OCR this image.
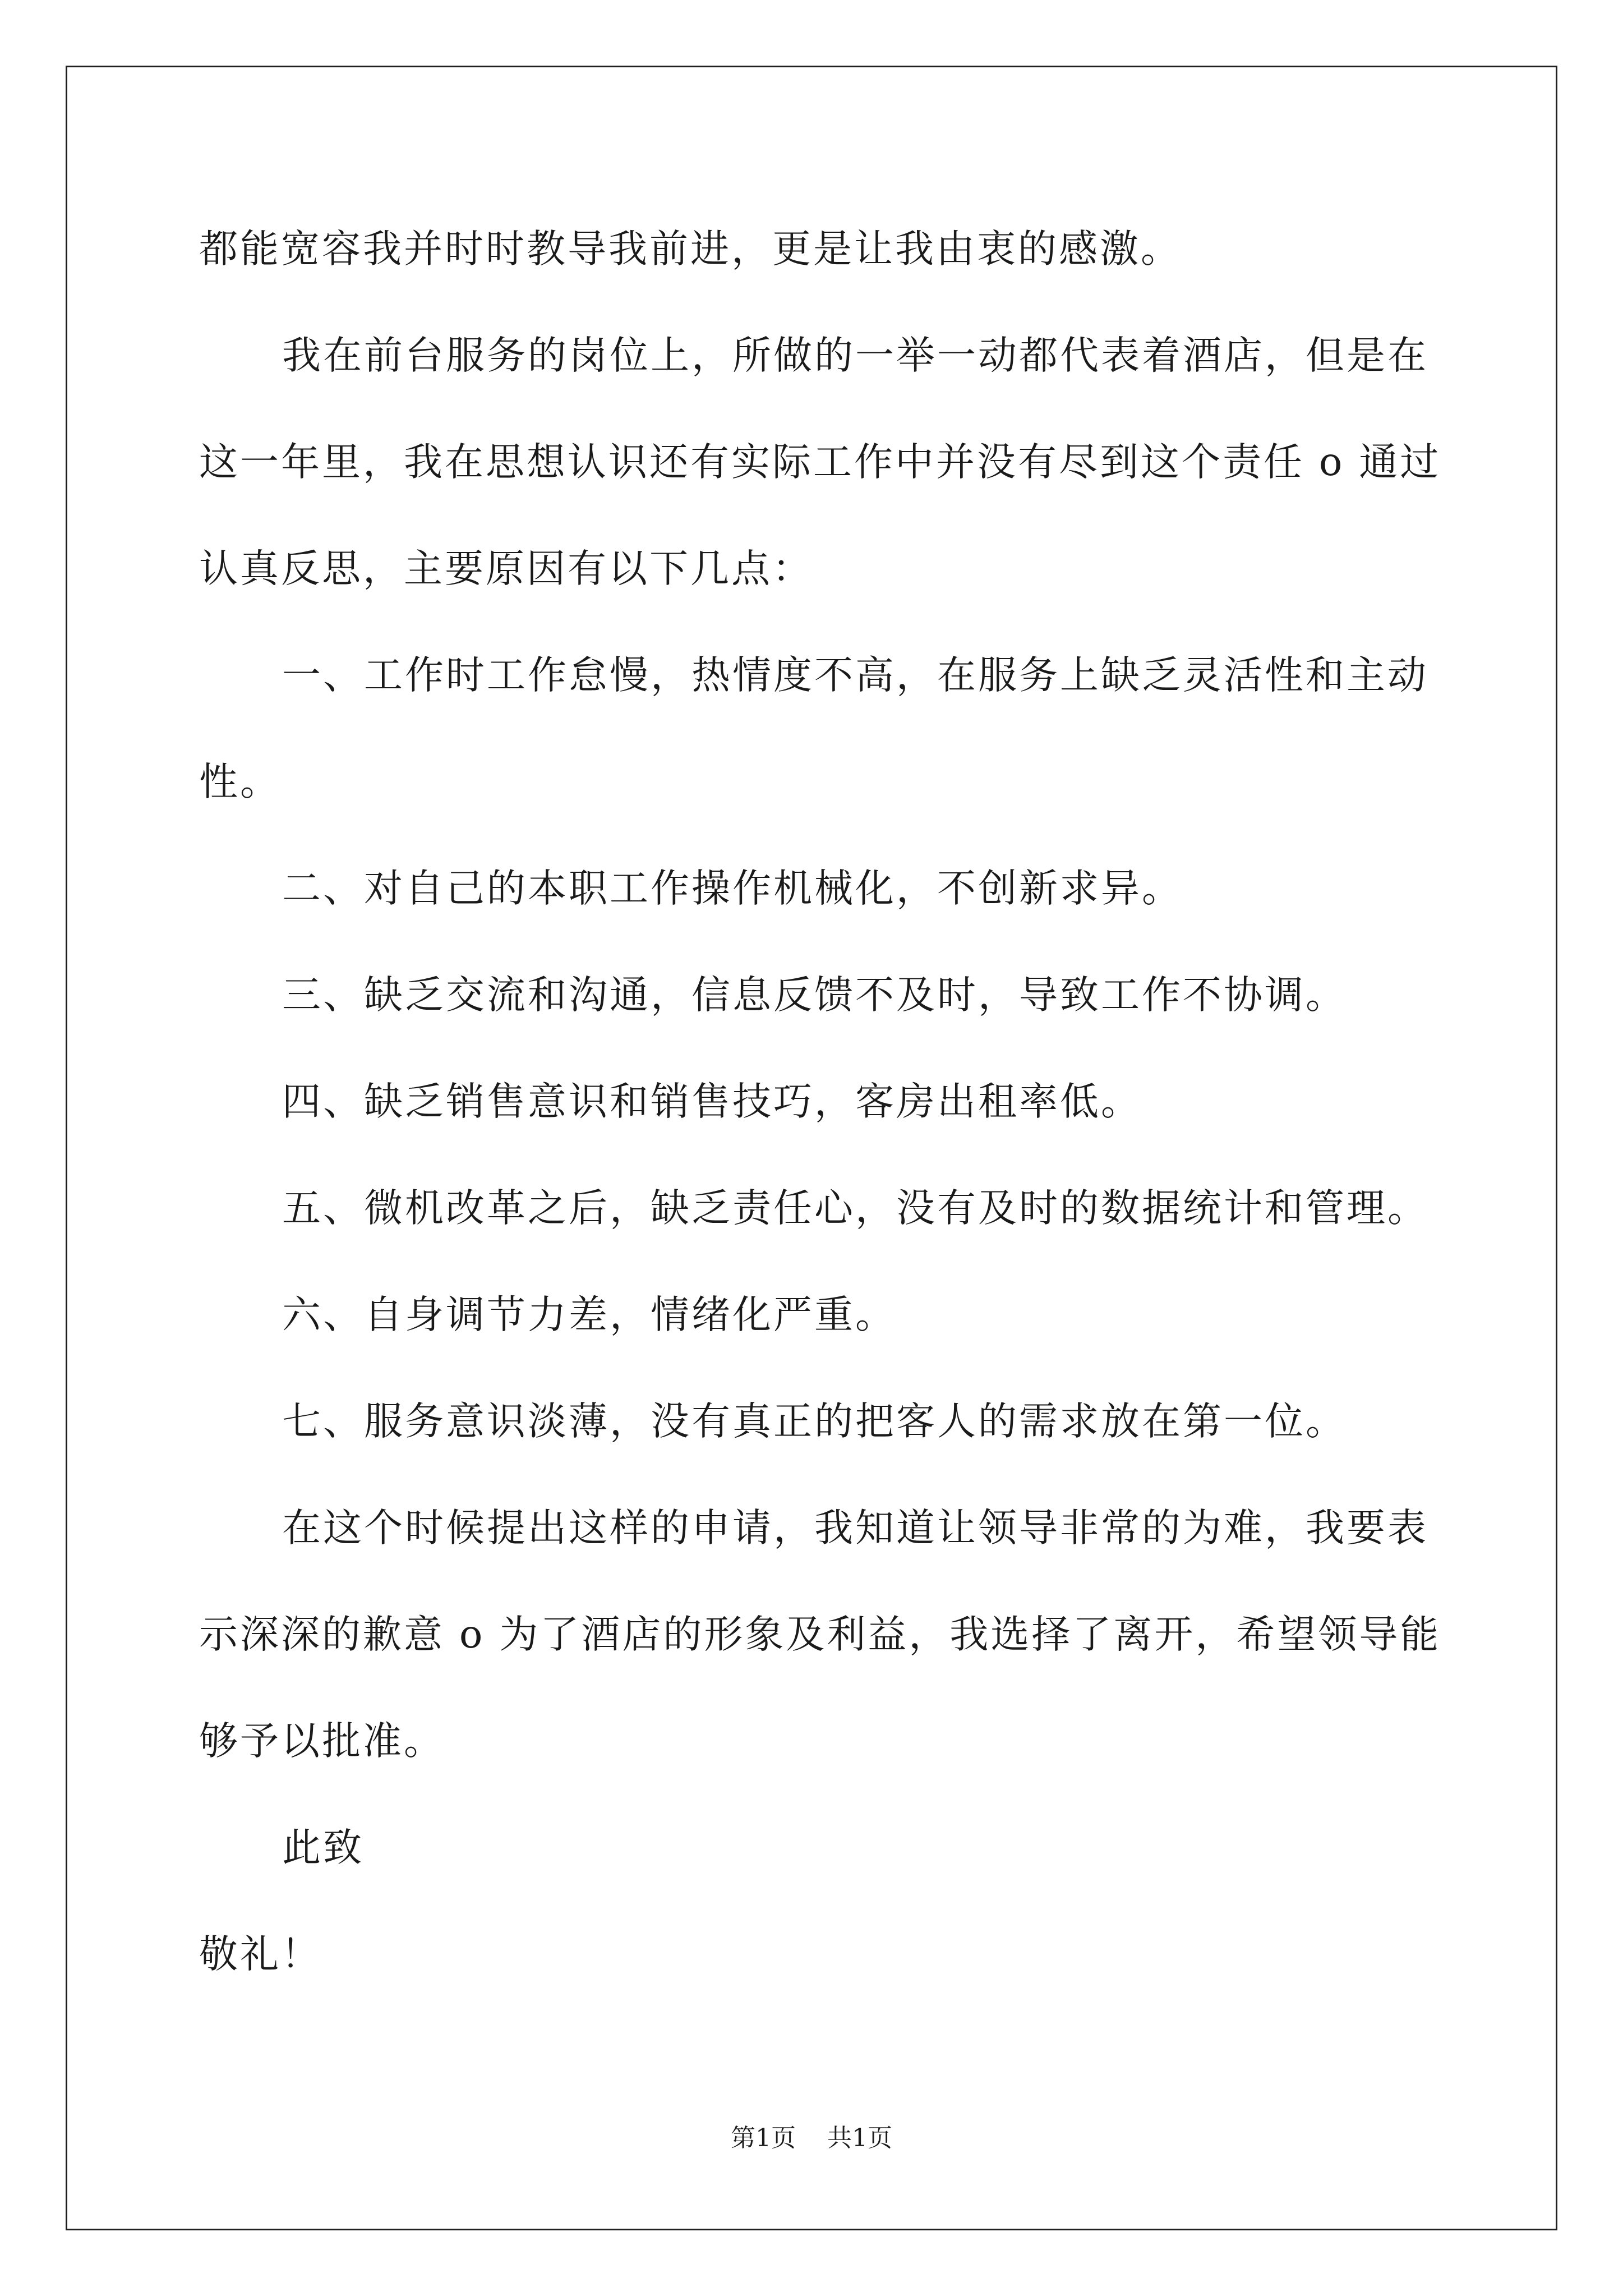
都能宽容我并时时教导我前进，更是让我由衷的感激。
我在前台服务的岗位上，所做的一举一动都代表着酒店，但是在
这一年里，我在思想认识还有实际工作中并没有尽到这个责任 o 通过
认真反思，主要原因有以下几点：
一、工作时工作怠慢，热情度不高，在服务上缺乏灵活性和主动
性。
二、对自己的本职工作操作机械化，不创新求异。
三、缺乏交流和沟通，信息反馈不及时，导致工作不协调。
四、缺乏销售意识和销售技巧，客房出租率低。
五、微机改革之后，缺乏责任心，没有及时的数据统计和管理。
六、自身调节力差，情绪化严重。
七、服务意识淡薄，没有真正的把客人的需求放在第一位。
在这个时候提出这样的申请，我知道让领导非常的为难，我要表
示深深的歉意 o 为了酒店的形象及利益，我选择了离开，希望领导能
够予以批准。
此致
敬礼！
第1页 共1页
